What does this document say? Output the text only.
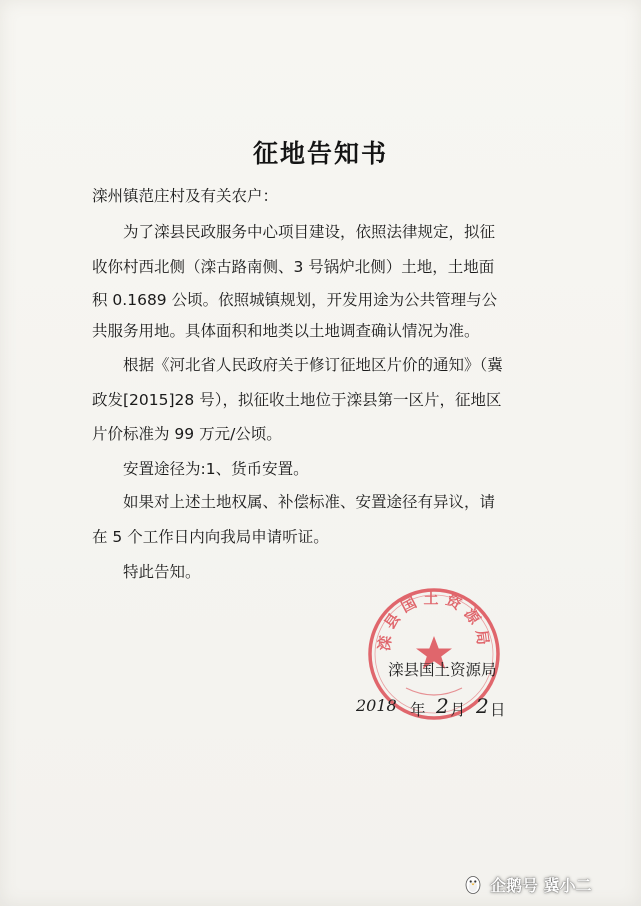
征地告知书
滦州镇范庄村及有关农户：
为了滦县民政服务中心项目建设，依照法律规定，拟征
收你村西北侧（滦古路南侧、3 号锅炉北侧）土地，土地面
积 0.1689 公顷。依照城镇规划，开发用途为公共管理与公
共服务用地。具体面积和地类以土地调查确认情况为准。
根据《河北省人民政府关于修订征地区片价的通知》（冀
政发[2015]28 号），拟征收土地位于滦县第一区片，征地区
片价标准为 99 万元/公顷。
安置途径为:1、货币安置。
如果对上述土地权属、补偿标准、安置途径有异议，请
在 5 个工作日内向我局申请听证。
特此告知。
滦县国土资源局
滦县国土资源局
2018 年 2 月 2 日
企鹅号 冀小二
